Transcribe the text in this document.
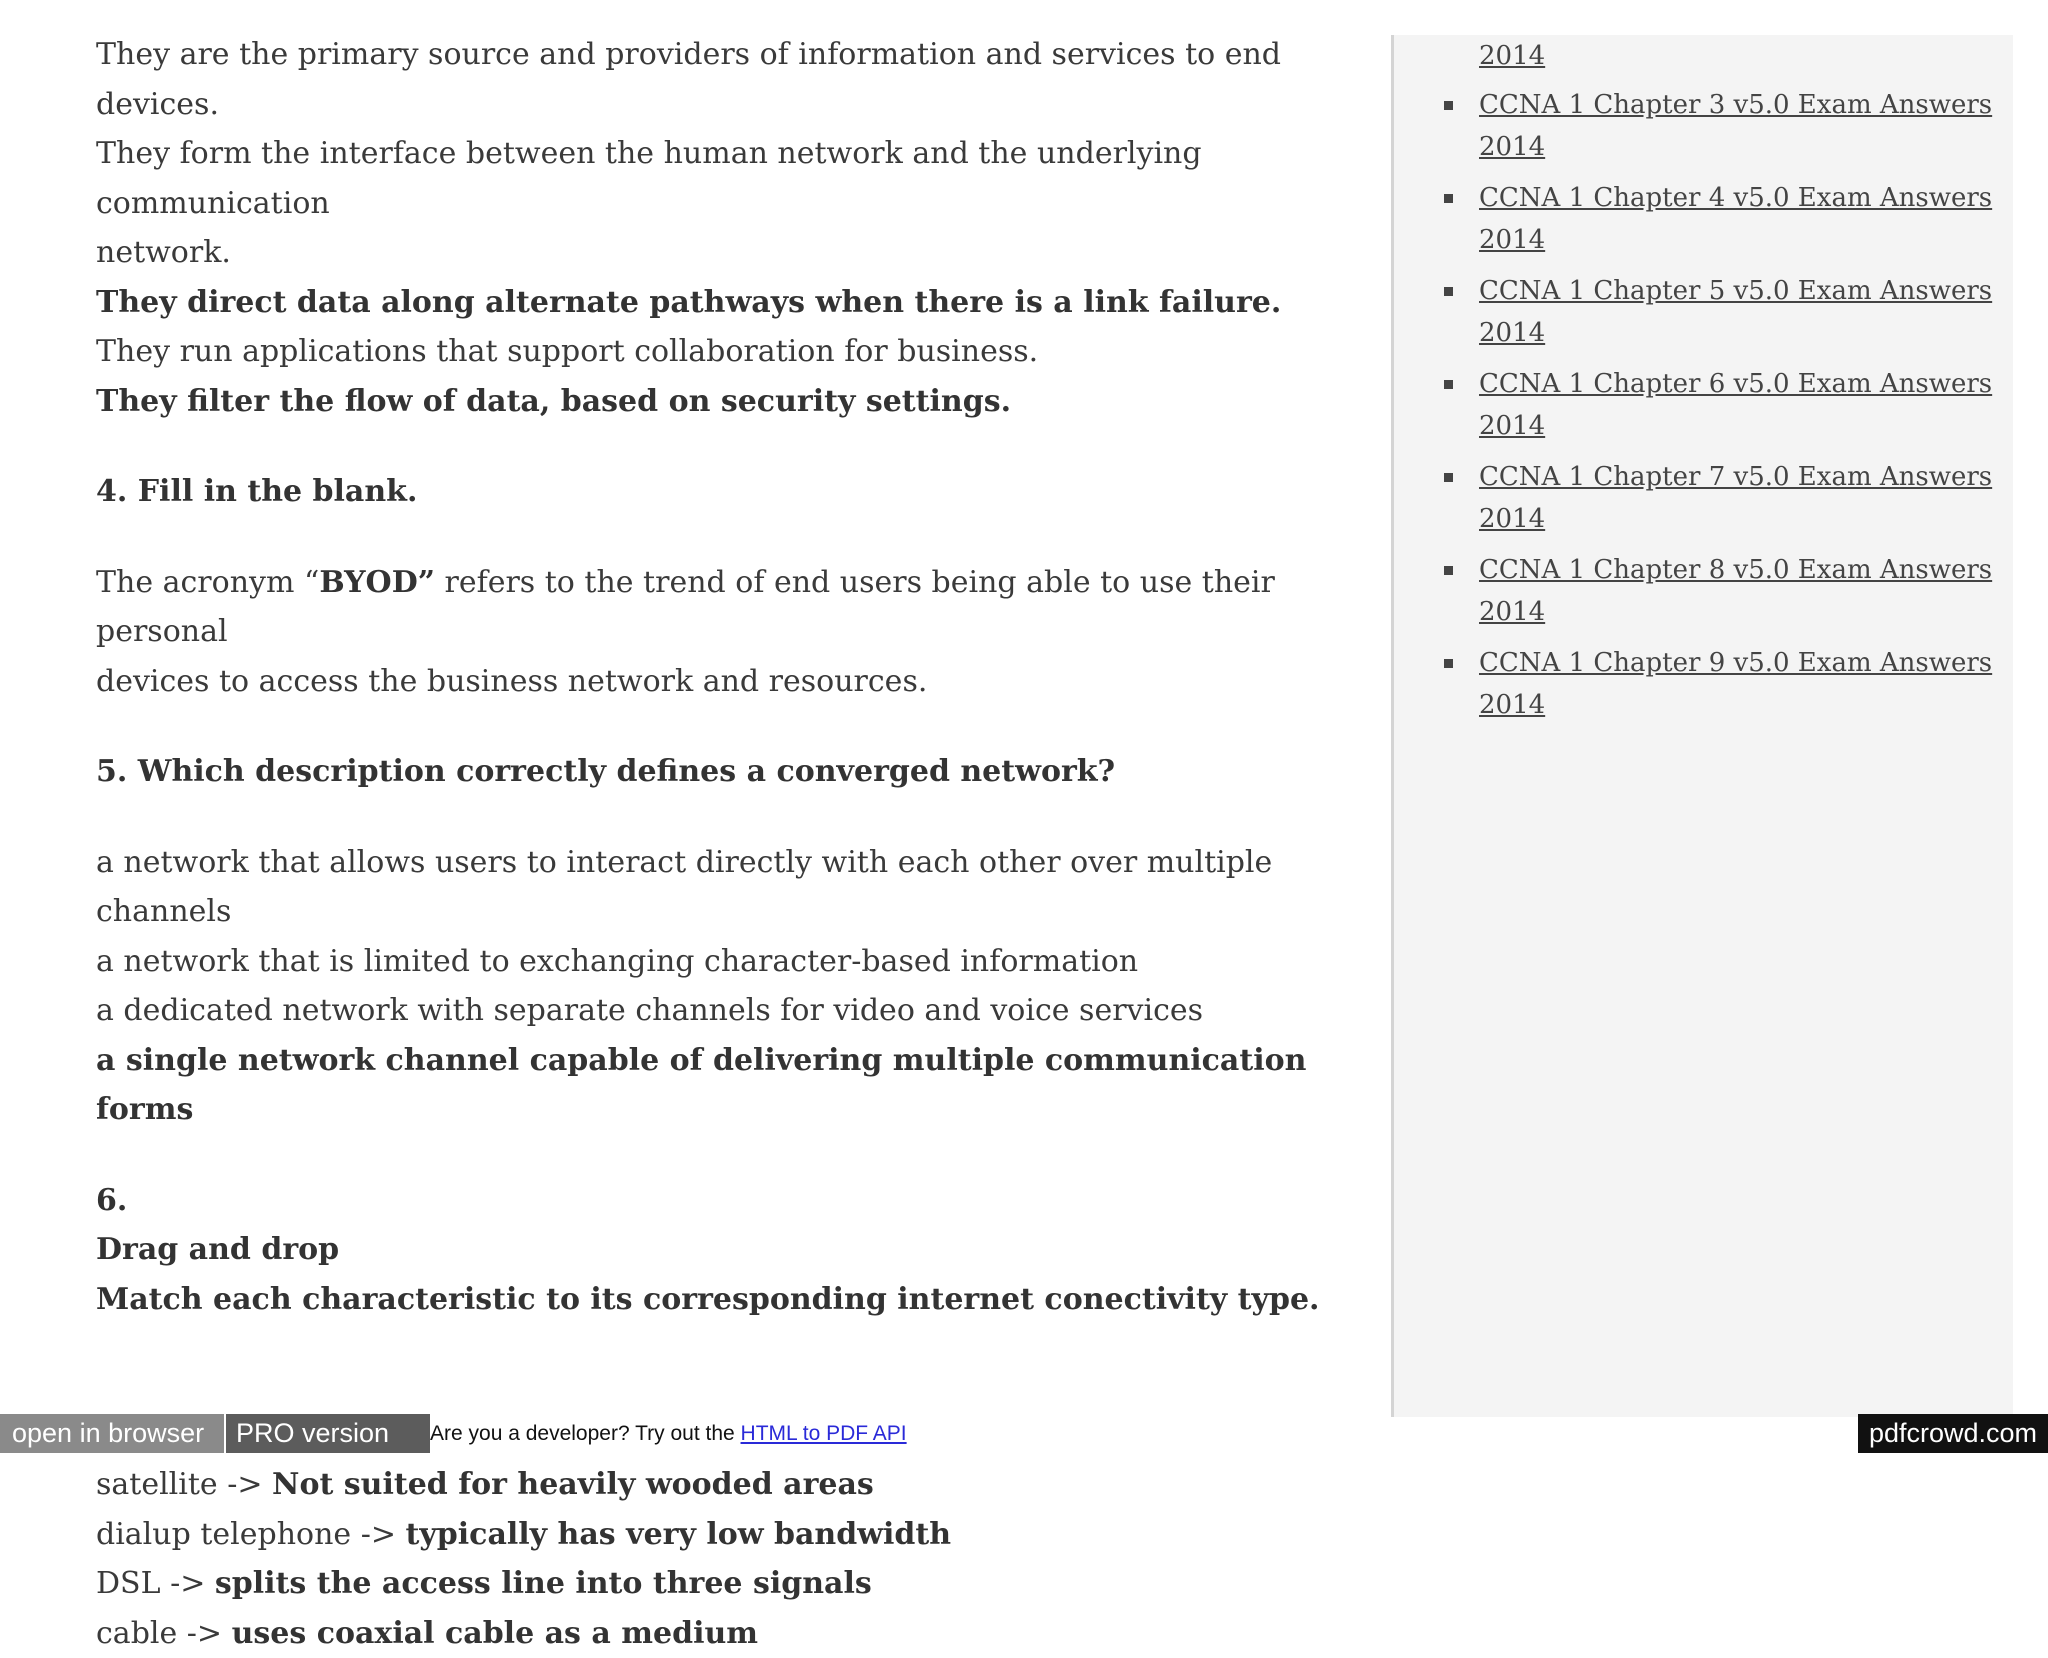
They are the primary source and providers of information and services to end devices.

They form the interface between the human network and the underlying communication

network.

They direct data along alternate pathways when there is a link failure.

They run applications that support collaboration for business.

They filter the flow of data, based on security settings.

4. Fill in the blank.

The acronym “BYOD” refers to the trend of end users being able to use their personal

devices to access the business network and resources.

5. Which description correctly defines a converged network?

a network that allows users to interact directly with each other over multiple channels

a network that is limited to exchanging character-based information

a dedicated network with separate channels for video and voice services

a single network channel capable of delivering multiple communication forms

6.

Drag and drop

Match each characteristic to its corresponding internet conectivity type.

satellite -> Not suited for heavily wooded areas

dialup telephone -> typically has very low bandwidth

DSL -> splits the access line into three signals

cable -> uses coaxial cable as a medium

2014
CCNA 1 Chapter 3 v5.0 Exam Answers
2014
CCNA 1 Chapter 4 v5.0 Exam Answers
2014
CCNA 1 Chapter 5 v5.0 Exam Answers
2014
CCNA 1 Chapter 6 v5.0 Exam Answers
2014
CCNA 1 Chapter 7 v5.0 Exam Answers
2014
CCNA 1 Chapter 8 v5.0 Exam Answers
2014
CCNA 1 Chapter 9 v5.0 Exam Answers
2014
open in browser	PRO version	Are you a developer? Try out the HTML to PDF API	pdfcrowd.com
